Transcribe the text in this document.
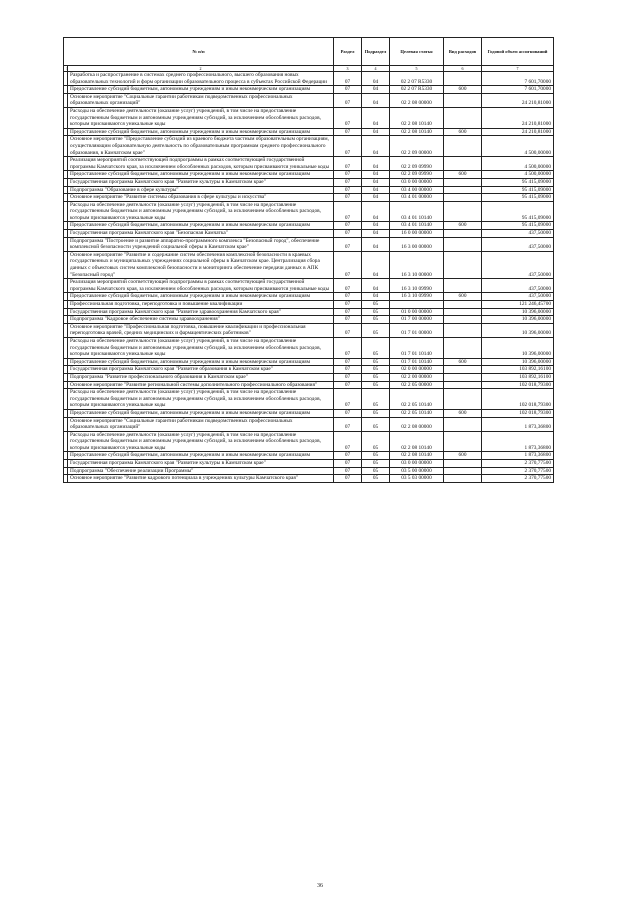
№ п/п		Раздел	Подраздел	Целевая статья	Вид расходов	Годовой объем ассигнований
1	2	3	4	5	6	7
	Разработка и распространение в системах среднего профессионального, высшего образования новых образовательных технологий и форм организации образовательного процесса в субъектах Российской Федерации	07	04	02 2 07 R5330		7 601,70000
	Предоставление субсидий бюджетным, автономным учреждениям и иным некоммерческим организациям	07	04	02 2 07 R5330	600	7 601,70000
	Основное мероприятие "Социальные гарантии работникам подведомственных профессиональных образовательных организаций"	07	04	02 2 08 00000		24 210,81000
	Расходы на обеспечение деятельности (оказание услуг) учреждений, в том числе на предоставление государственным бюджетным и автономным учреждениям субсидий, за исключением обособленных расходов, которым присваиваются уникальные коды	07	04	02 2 08 10140		24 210,81000
	Предоставление субсидий бюджетным, автономным учреждениям и иным некоммерческим организациям	07	04	02 2 08 10140	600	24 210,81000
	Основное мероприятие "Предоставление субсидий из краевого бюджета частным образовательным организациям, осуществляющим образовательную деятельность по образовательным программам среднего профессионального образования, в Камчатском крае"	07	04	02 2 09 00000		4 500,00000
	Реализация мероприятий соответствующей подпрограммы в рамках соответствующей государственной программы Камчатского края, за исключением обособленных расходов, которым присваиваются уникальные коды	07	04	02 2 09 09990		4 500,00000
	Предоставление субсидий бюджетным, автономным учреждениям и иным некоммерческим организациям	07	04	02 2 09 09990	600	4 500,00000
	Государственная программа Камчатского края "Развитие культуры в Камчатском крае"	07	04	03 0 00 00000		95 415,09000
	Подпрограмма "Образование в сфере культуры"	07	04	03 4 00 00000		95 415,09000
	Основное мероприятие "Развитие системы образования в сфере культуры и искусства"	07	04	03 4 01 00000		95 415,09000
	Расходы на обеспечение деятельности (оказание услуг) учреждений, в том числе на предоставление государственным бюджетным и автономным учреждениям субсидий, за исключением обособленных расходов, которым присваиваются уникальные коды	07	04	03 4 01 10140		95 415,09000
	Предоставление субсидий бюджетным, автономным учреждениям и иным некоммерческим организациям	07	04	03 4 01 10140	600	95 415,09000
	Государственная программа Камчатского края "Безопасная Камчатка"	07	04	16 0 00 00000		437,50000
	Подпрограмма "Построение и развитие аппаратно-программного комплекса "Безопасный город", обеспечение комплексной безопасности учреждений социальной сферы в Камчатском крае"	07	04	16 3 00 00000		437,50000
	Основное мероприятие "Развитие и содержание систем обеспечения комплексной безопасности в краевых государственных и муниципальных учреждениях социальной сферы в Камчатском крае. Централизация сбора данных с объектовых систем комплексной безопасности и мониторинга обеспечение передачи данных в АПК "Безопасный город"	07	04	16 3 10 00000		437,50000
	Реализация мероприятий соответствующей подпрограммы в рамках соответствующей государственной программы Камчатского края, за исключением обособленных расходов, которым присваиваются уникальные коды	07	04	16 3 10 09990		437,50000
	Предоставление субсидий бюджетным, автономным учреждениям и иным некоммерческим организациям	07	04	16 3 10 09990	600	437,50000
	Профессиональная подготовка, переподготовка и повышение квалификации	07	05			121 246,45700
	Государственная программа Камчатского края "Развитие здравоохранения Камчатского края"	07	05	01 0 00 00000		10 396,00000
	Подпрограмма "Кадровое обеспечение системы здравоохранения"	07	05	01 7 00 00000		10 396,00000
	Основное мероприятие "Профессиональная подготовка, повышение квалификации и профессиональная переподготовка врачей, средних медицинских и фармацевтических работников"	07	05	01 7 01 00000		10 396,00000
	Расходы на обеспечение деятельности (оказание услуг) учреждений, в том числе на предоставление государственным бюджетным и автономным учреждениям субсидий, за исключением обособленных расходов, которым присваиваются уникальные коды	07	05	01 7 01 10140		10 396,00000
	Предоставление субсидий бюджетным, автономным учреждениям и иным некоммерческим организациям	07	05	01 7 01 10140	600	10 396,00000
	Государственная программа Камчатского края "Развитие образования в Камчатском крае"	07	05	02 0 00 00000		103 892,16100
	Подпрограмма "Развитие профессионального образования в Камчатском крае"	07	05	02 2 00 00000		103 892,16100
	Основное мероприятие "Развитие региональной системы дополнительного профессионального образования"	07	05	02 2 05 00000		102 018,79300
	Расходы на обеспечение деятельности (оказание услуг) учреждений, в том числе на предоставление государственным бюджетным и автономным учреждениям субсидий, за исключением обособленных расходов, которым присваиваются уникальные коды	07	05	02 2 05 10140		102 018,79300
	Предоставление субсидий бюджетным, автономным учреждениям и иным некоммерческим организациям	07	05	02 2 05 10140	600	102 018,79300
	Основное мероприятие "Социальные гарантии работникам подведомственных профессиональных образовательных организаций"	07	05	02 2 08 00000		1 873,36800
	Расходы на обеспечение деятельности (оказание услуг) учреждений, в том числе на предоставление государственным бюджетным и автономным учреждениям субсидий, за исключением обособленных расходов, которым присваиваются уникальные коды	07	05	02 2 08 10140		1 873,36800
	Предоставление субсидий бюджетным, автономным учреждениям и иным некоммерческим организациям	07	05	02 2 08 10140	600	1 873,36800
	Государственная программа Камчатского края "Развитие культуры в Камчатском крае"	07	05	03 0 00 00000		2 370,77500
	Подпрограмма "Обеспечение реализации Программы"	07	05	03 5 00 00000		2 370,77500
	Основное мероприятие "Развитие кадрового потенциала в учреждениях культуры Камчатского края"	07	05	03 5 03 00000		2 370,77500
36
